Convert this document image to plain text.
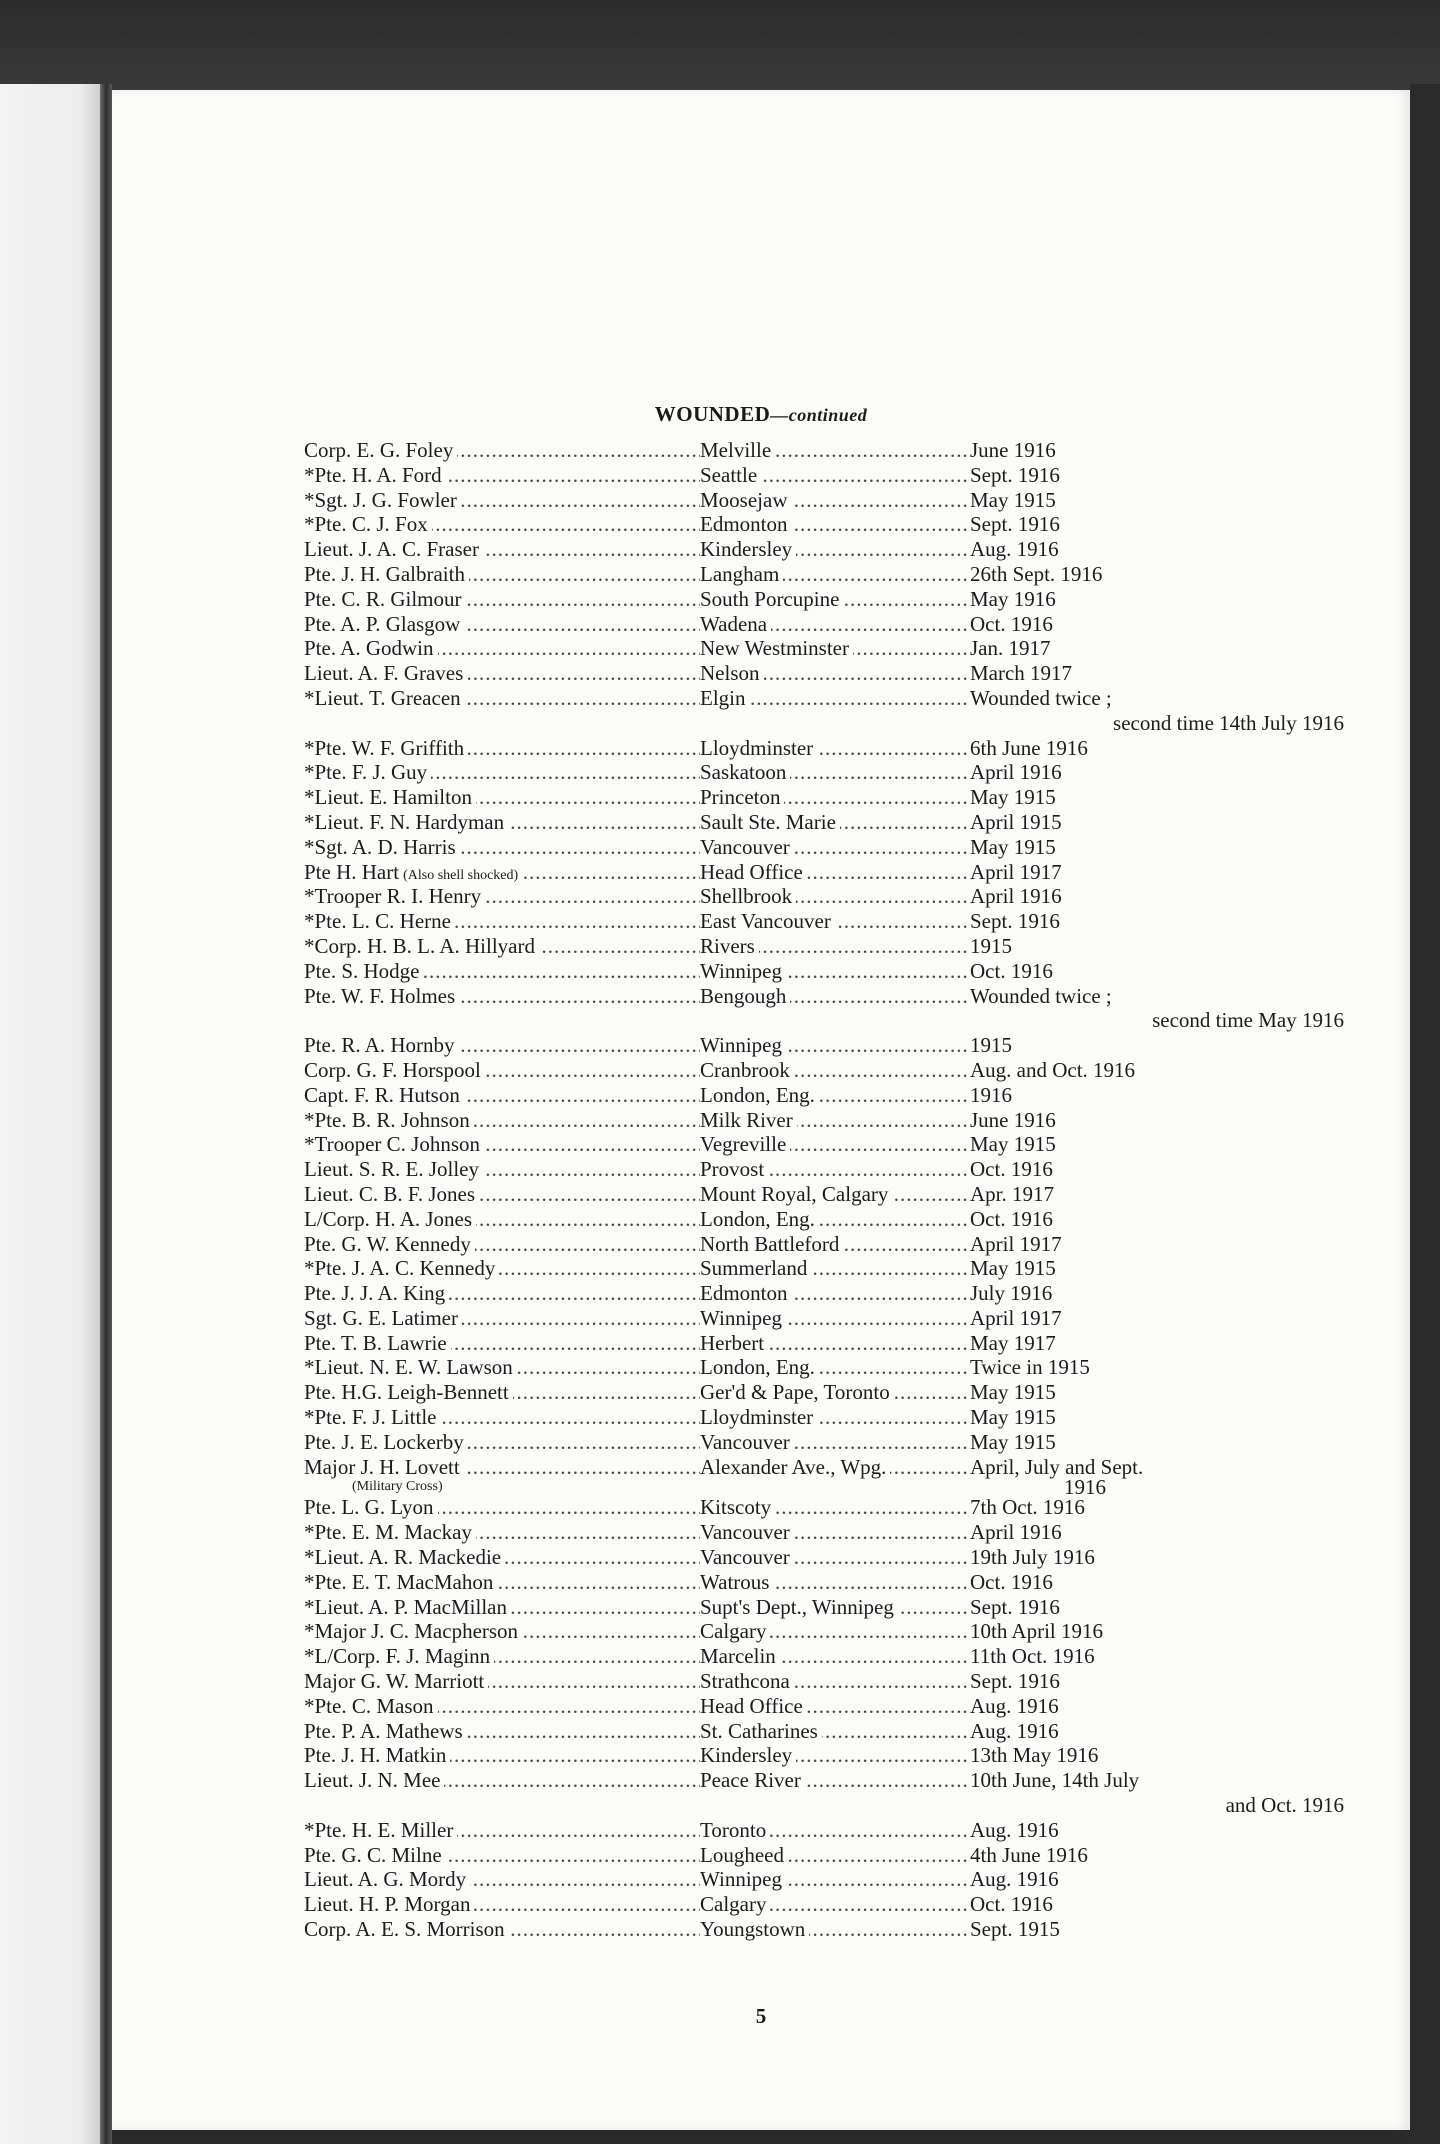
WOUNDED—continued
Corp. E. G. Foley .....	Melville .....	June 1916
*Pte. H. A. Ford .....	Seattle .....	Sept. 1916
*Sgt. J. G. Fowler .....	Moosejaw .....	May 1915
*Pte. C. J. Fox .....	Edmonton .....	Sept. 1916
Lieut. J. A. C. Fraser .....	Kindersley .....	Aug. 1916
Pte. J. H. Galbraith .....	Langham .....	26th Sept. 1916
Pte. C. R. Gilmour .....	South Porcupine .....	May 1916
Pte. A. P. Glasgow .....	Wadena .....	Oct. 1916
Pte. A. Godwin .....	New Westminster .....	Jan. 1917
Lieut. A. F. Graves .....	Nelson .....	March 1917
*Lieut. T. Greacen .....	Elgin .....	Wounded twice ;
second time 14th July 1916
*Pte. W. F. Griffith .....	Lloydminster .....	6th June 1916
*Pte. F. J. Guy .....	Saskatoon .....	April 1916
*Lieut. E. Hamilton .....	Princeton .....	May 1915
*Lieut. F. N. Hardyman .....	Sault Ste. Marie .....	April 1915
*Sgt. A. D. Harris .....	Vancouver .....	May 1915
Pte H. Hart (Also shell shocked) .....	Head Office .....	April 1917
*Trooper R. I. Henry .....	Shellbrook .....	April 1916
*Pte. L. C. Herne .....	East Vancouver .....	Sept. 1916
*Corp. H. B. L. A. Hillyard .....	Rivers .....	1915
Pte. S. Hodge .....	Winnipeg .....	Oct. 1916
Pte. W. F. Holmes .....	Bengough .....	Wounded twice ;
second time May 1916
Pte. R. A. Hornby .....	Winnipeg .....	1915
Corp. G. F. Horspool .....	Cranbrook .....	Aug. and Oct. 1916
Capt. F. R. Hutson .....	London, Eng. .....	1916
*Pte. B. R. Johnson .....	Milk River .....	June 1916
*Trooper C. Johnson .....	Vegreville .....	May 1915
Lieut. S. R. E. Jolley .....	Provost .....	Oct. 1916
Lieut. C. B. F. Jones .....	Mount Royal, Calgary .....	Apr. 1917
L/Corp. H. A. Jones .....	London, Eng. .....	Oct. 1916
Pte. G. W. Kennedy .....	North Battleford .....	April 1917
*Pte. J. A. C. Kennedy .....	Summerland .....	May 1915
Pte. J. J. A. King .....	Edmonton .....	July 1916
Sgt. G. E. Latimer .....	Winnipeg .....	April 1917
Pte. T. B. Lawrie .....	Herbert .....	May 1917
*Lieut. N. E. W. Lawson .....	London, Eng. .....	Twice in 1915
Pte. H.G. Leigh-Bennett .....	Ger'd & Pape, Toronto .....	May 1915
*Pte. F. J. Little .....	Lloydminster .....	May 1915
Pte. J. E. Lockerby .....	Vancouver .....	May 1915
Major J. H. Lovett .....	Alexander Ave., Wpg. .....	April, July and Sept.
(Military Cross)	1916
Pte. L. G. Lyon .....	Kitscoty .....	7th Oct. 1916
*Pte. E. M. Mackay .....	Vancouver .....	April 1916
*Lieut. A. R. Mackedie .....	Vancouver .....	19th July 1916
*Pte. E. T. MacMahon .....	Watrous .....	Oct. 1916
*Lieut. A. P. MacMillan .....	Supt's Dept., Winnipeg .....	Sept. 1916
*Major J. C. Macpherson .....	Calgary .....	10th April 1916
*L/Corp. F. J. Maginn .....	Marcelin .....	11th Oct. 1916
Major G. W. Marriott .....	Strathcona .....	Sept. 1916
*Pte. C. Mason .....	Head Office .....	Aug. 1916
Pte. P. A. Mathews .....	St. Catharines .....	Aug. 1916
Pte. J. H. Matkin .....	Kindersley .....	13th May 1916
Lieut. J. N. Mee .....	Peace River .....	10th June, 14th July
and Oct. 1916
*Pte. H. E. Miller .....	Toronto .....	Aug. 1916
Pte. G. C. Milne .....	Lougheed .....	4th June 1916
Lieut. A. G. Mordy .....	Winnipeg .....	Aug. 1916
Lieut. H. P. Morgan .....	Calgary .....	Oct. 1916
Corp. A. E. S. Morrison .....	Youngstown .....	Sept. 1915
5
